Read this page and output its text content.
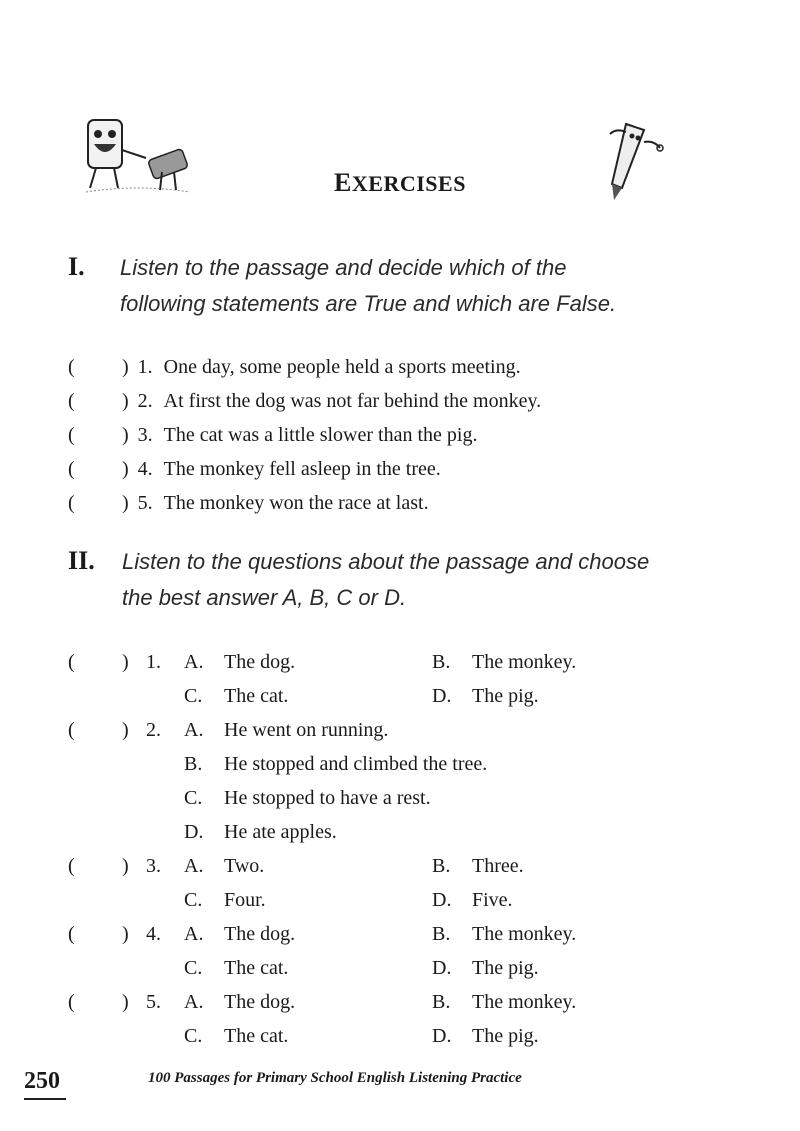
EXERCISES
I. Listen to the passage and decide which of the
following statements are True and which are False.
( ) 1. One day, some people held a sports meeting.
( ) 2. At first the dog was not far behind the monkey.
( ) 3. The cat was a little slower than the pig.
( ) 4. The monkey fell asleep in the tree.
( ) 5. The monkey won the race at last.
II. Listen to the questions about the passage and choose
the best answer A, B, C or D.
( ) 1. A. The dog.	B. The monkey.
C. The cat.	D. The pig.
( ) 2. A. He went on running.
B. He stopped and climbed the tree.
C. He stopped to have a rest.
D. He ate apples.
( ) 3. A. Two.	B. Three.
C. Four.	D. Five.
( ) 4. A. The dog.	B. The monkey.
C. The cat.	D. The pig.
( ) 5. A. The dog.	B. The monkey.
C. The cat.	D. The pig.
250	100 Passages for Primary School English Listening Practice
